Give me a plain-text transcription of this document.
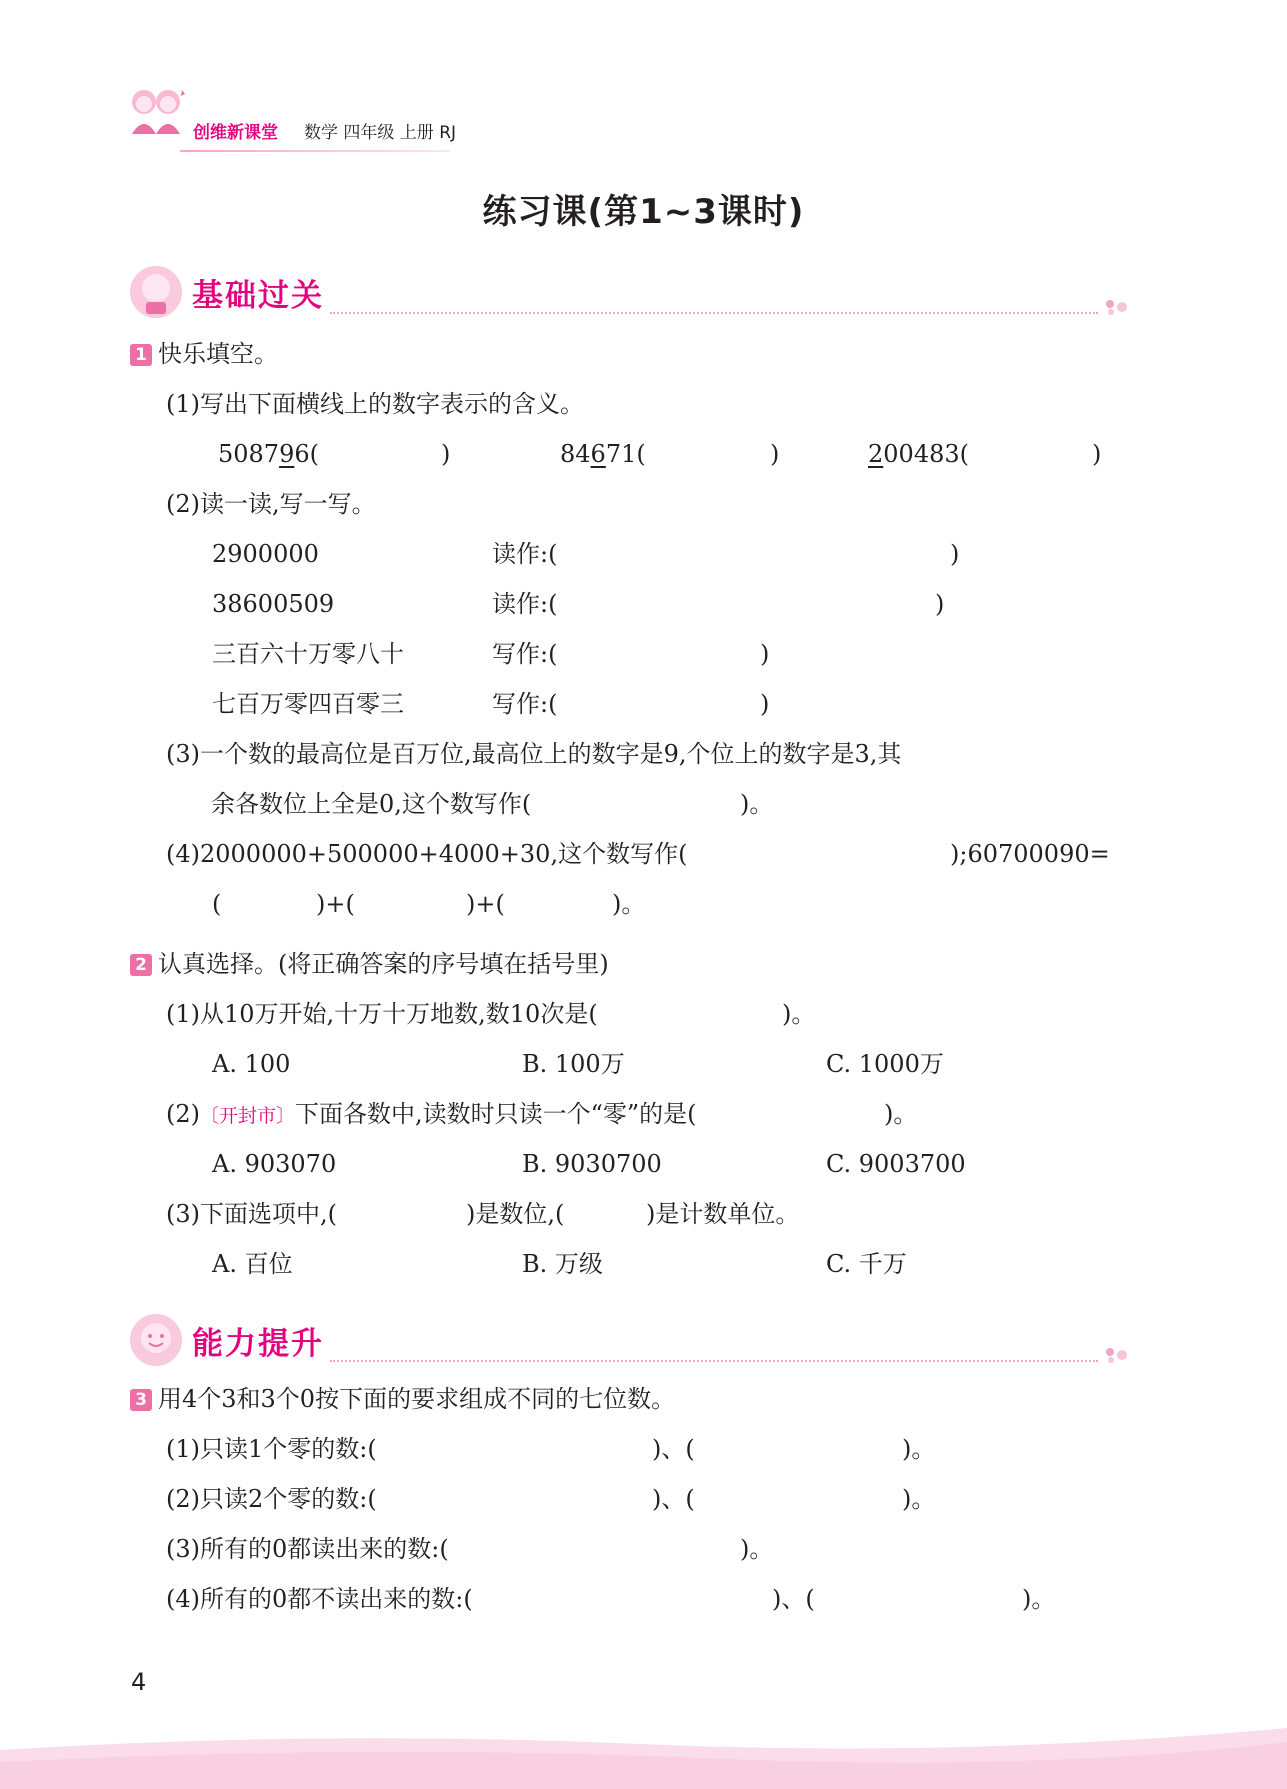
创维新课堂 数学 四年级 上册 RJ
练习课(第1~3课时)
基础过关
1 快乐填空。
(1)写出下面横线上的数字表示的含义。
508796(	)	84671(	)	200483(	)
(2)读一读,写一写。
2900000	读作:(	)
38600509	读作:(	)
三百六十万零八十	写作:(	)
七百万零四百零三	写作:(	)
(3)一个数的最高位是百万位,最高位上的数字是9,个位上的数字是3,其
余各数位上全是0,这个数写作(	)。
(4)2000000+500000+4000+30,这个数写作(	);60700090=
(	)+(	)+(	)。
2 认真选择。(将正确答案的序号填在括号里)
(1)从10万开始,十万十万地数,数10次是(	)。
A. 100	B. 100万	C. 1000万
(2)〔开封市〕下面各数中,读数时只读一个“零”的是(	)。
A. 903070	B. 9030700	C. 9003700
(3)下面选项中,(	)是数位,(	)是计数单位。
A. 百位	B. 万级	C. 千万
能力提升
3 用4个3和3个0按下面的要求组成不同的七位数。
(1)只读1个零的数:(	)、(	)。
(2)只读2个零的数:(	)、(	)。
(3)所有的0都读出来的数:(	)。
(4)所有的0都不读出来的数:(	)、(	)。
4
